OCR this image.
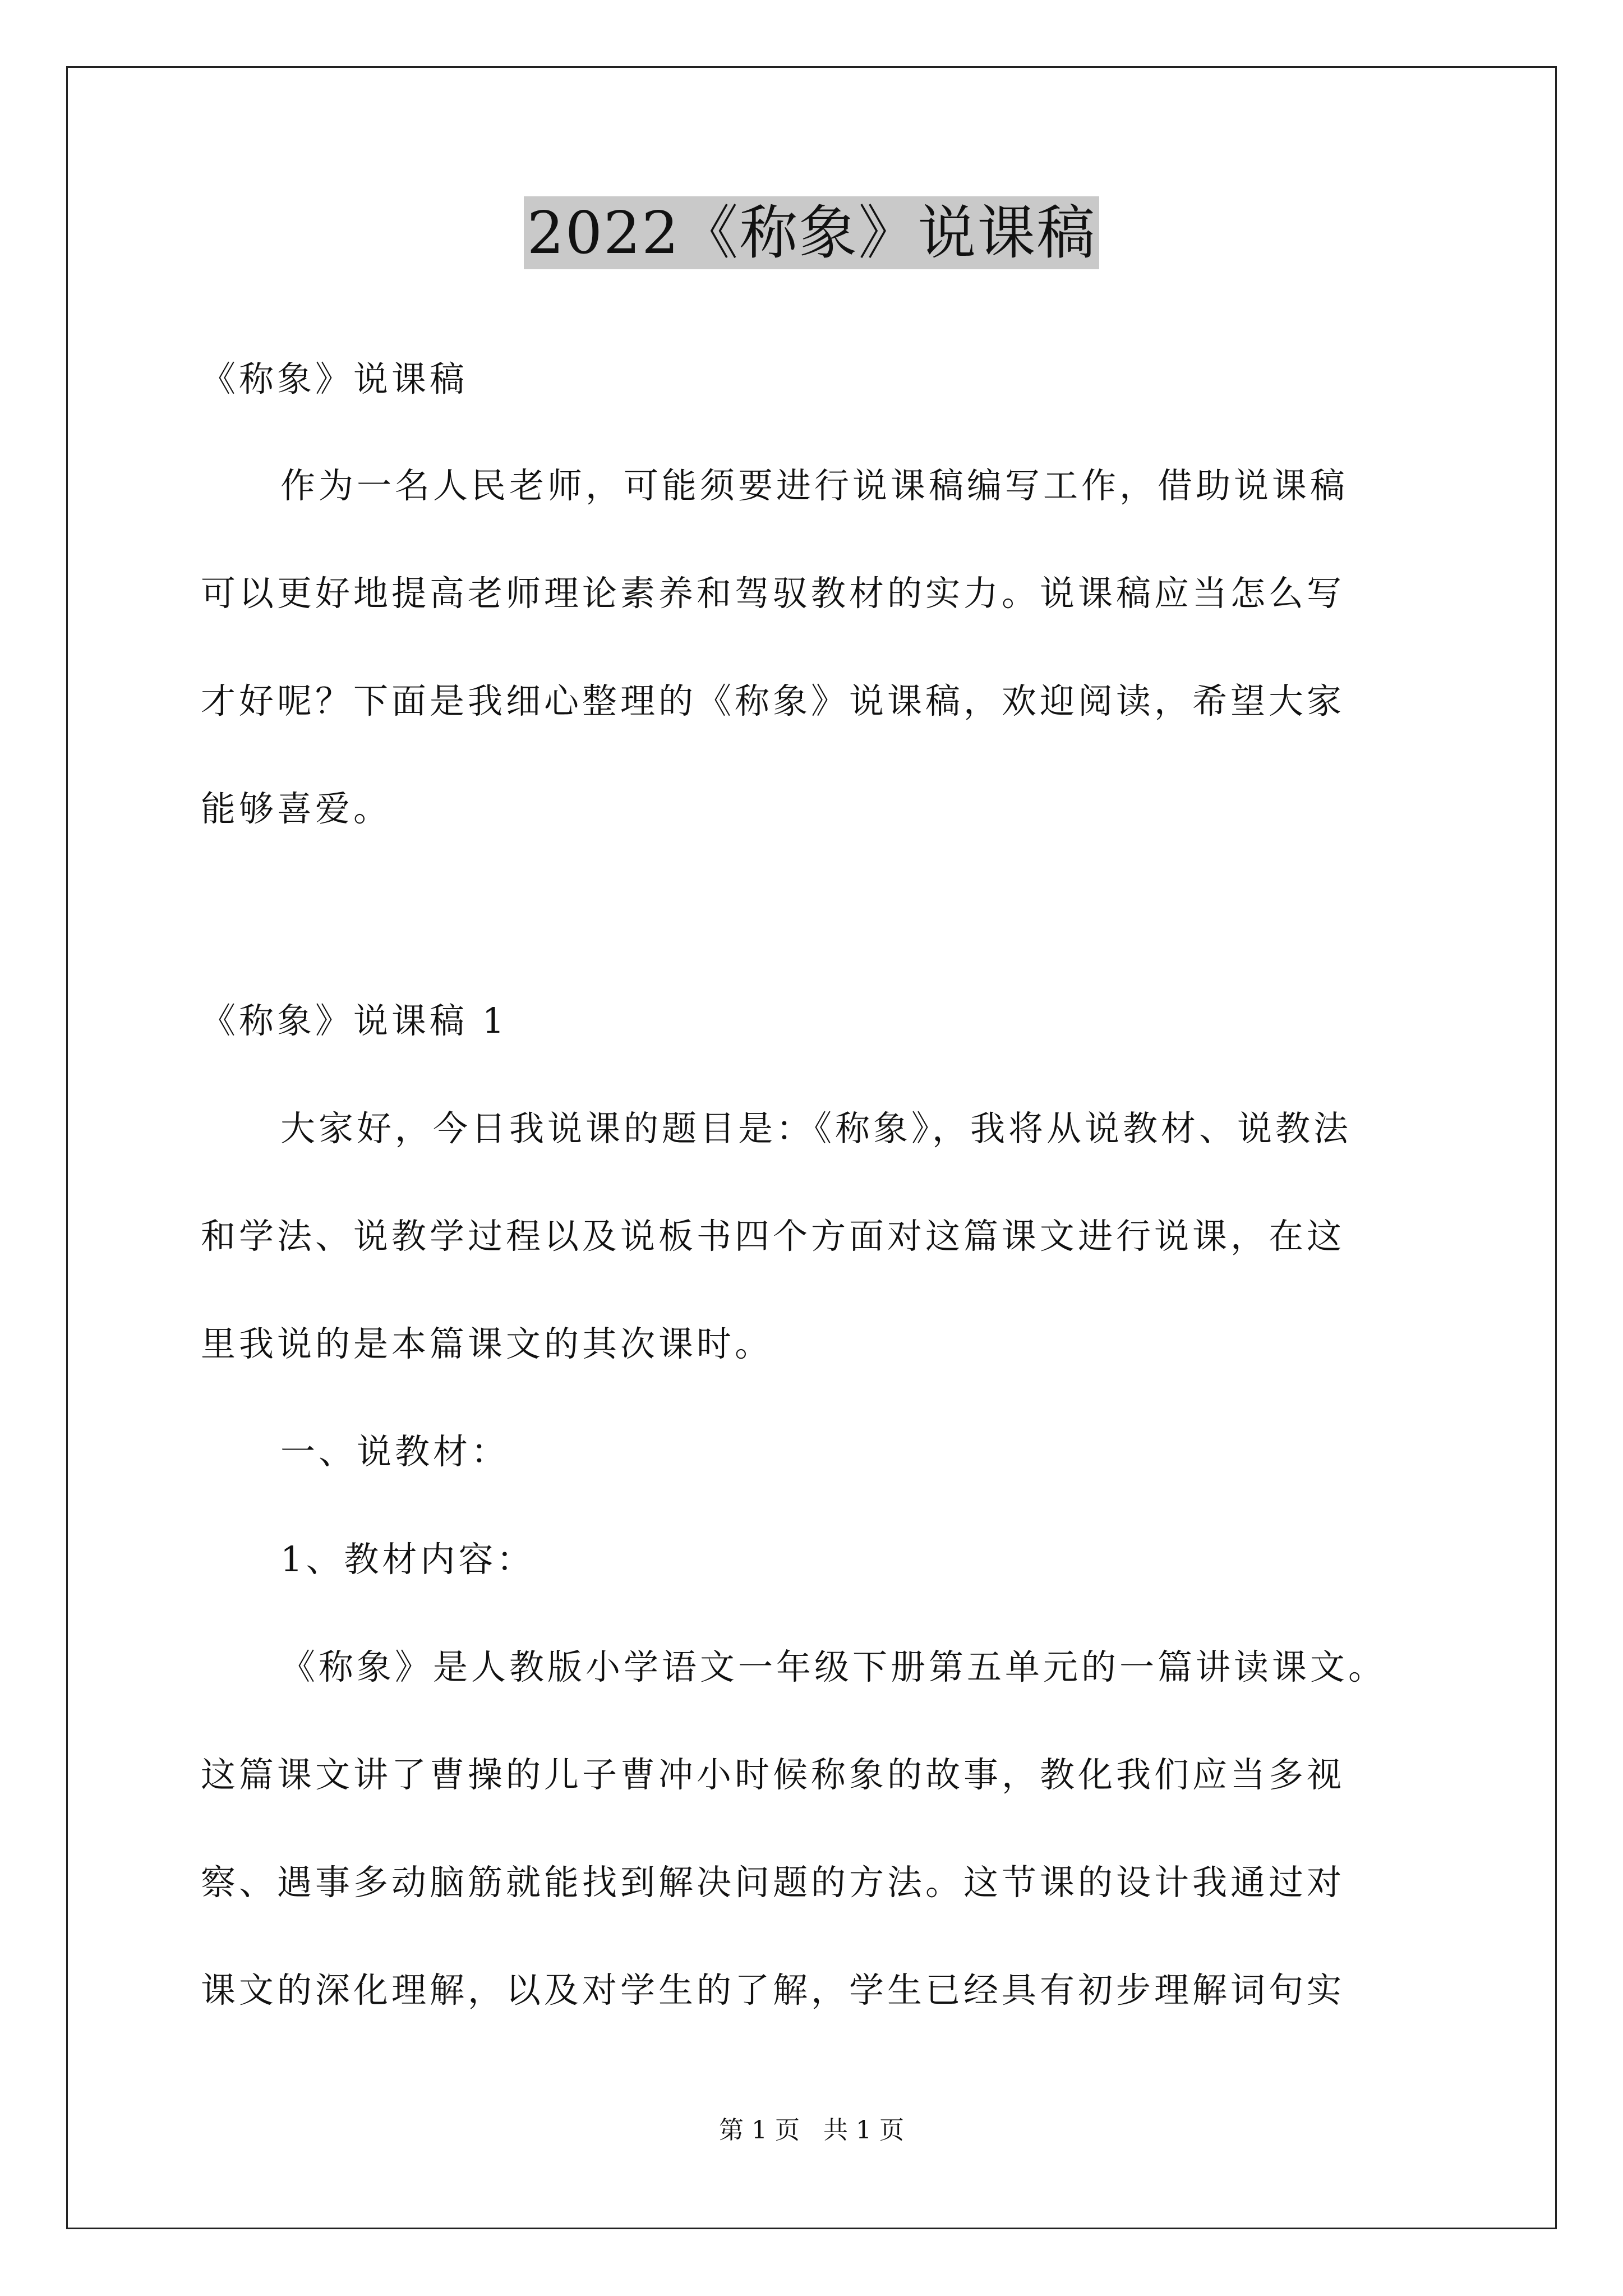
2022《称象》说课稿
《称象》说课稿
作为一名人民老师，可能须要进行说课稿编写工作，借助说课稿
可以更好地提高老师理论素养和驾驭教材的实力。说课稿应当怎么写
才好呢？下面是我细心整理的《称象》说课稿，欢迎阅读，希望大家
能够喜爱。
《称象》说课稿 1
大家好，今日我说课的题目是：《称象》，我将从说教材、说教法
和学法、说教学过程以及说板书四个方面对这篇课文进行说课，在这
里我说的是本篇课文的其次课时。
一、说教材：
1、教材内容：
《称象》是人教版小学语文一年级下册第五单元的一篇讲读课文。
这篇课文讲了曹操的儿子曹冲小时候称象的故事，教化我们应当多视
察、遇事多动脑筋就能找到解决问题的方法。这节课的设计我通过对
课文的深化理解，以及对学生的了解，学生已经具有初步理解词句实
第 1 页   共 1 页
